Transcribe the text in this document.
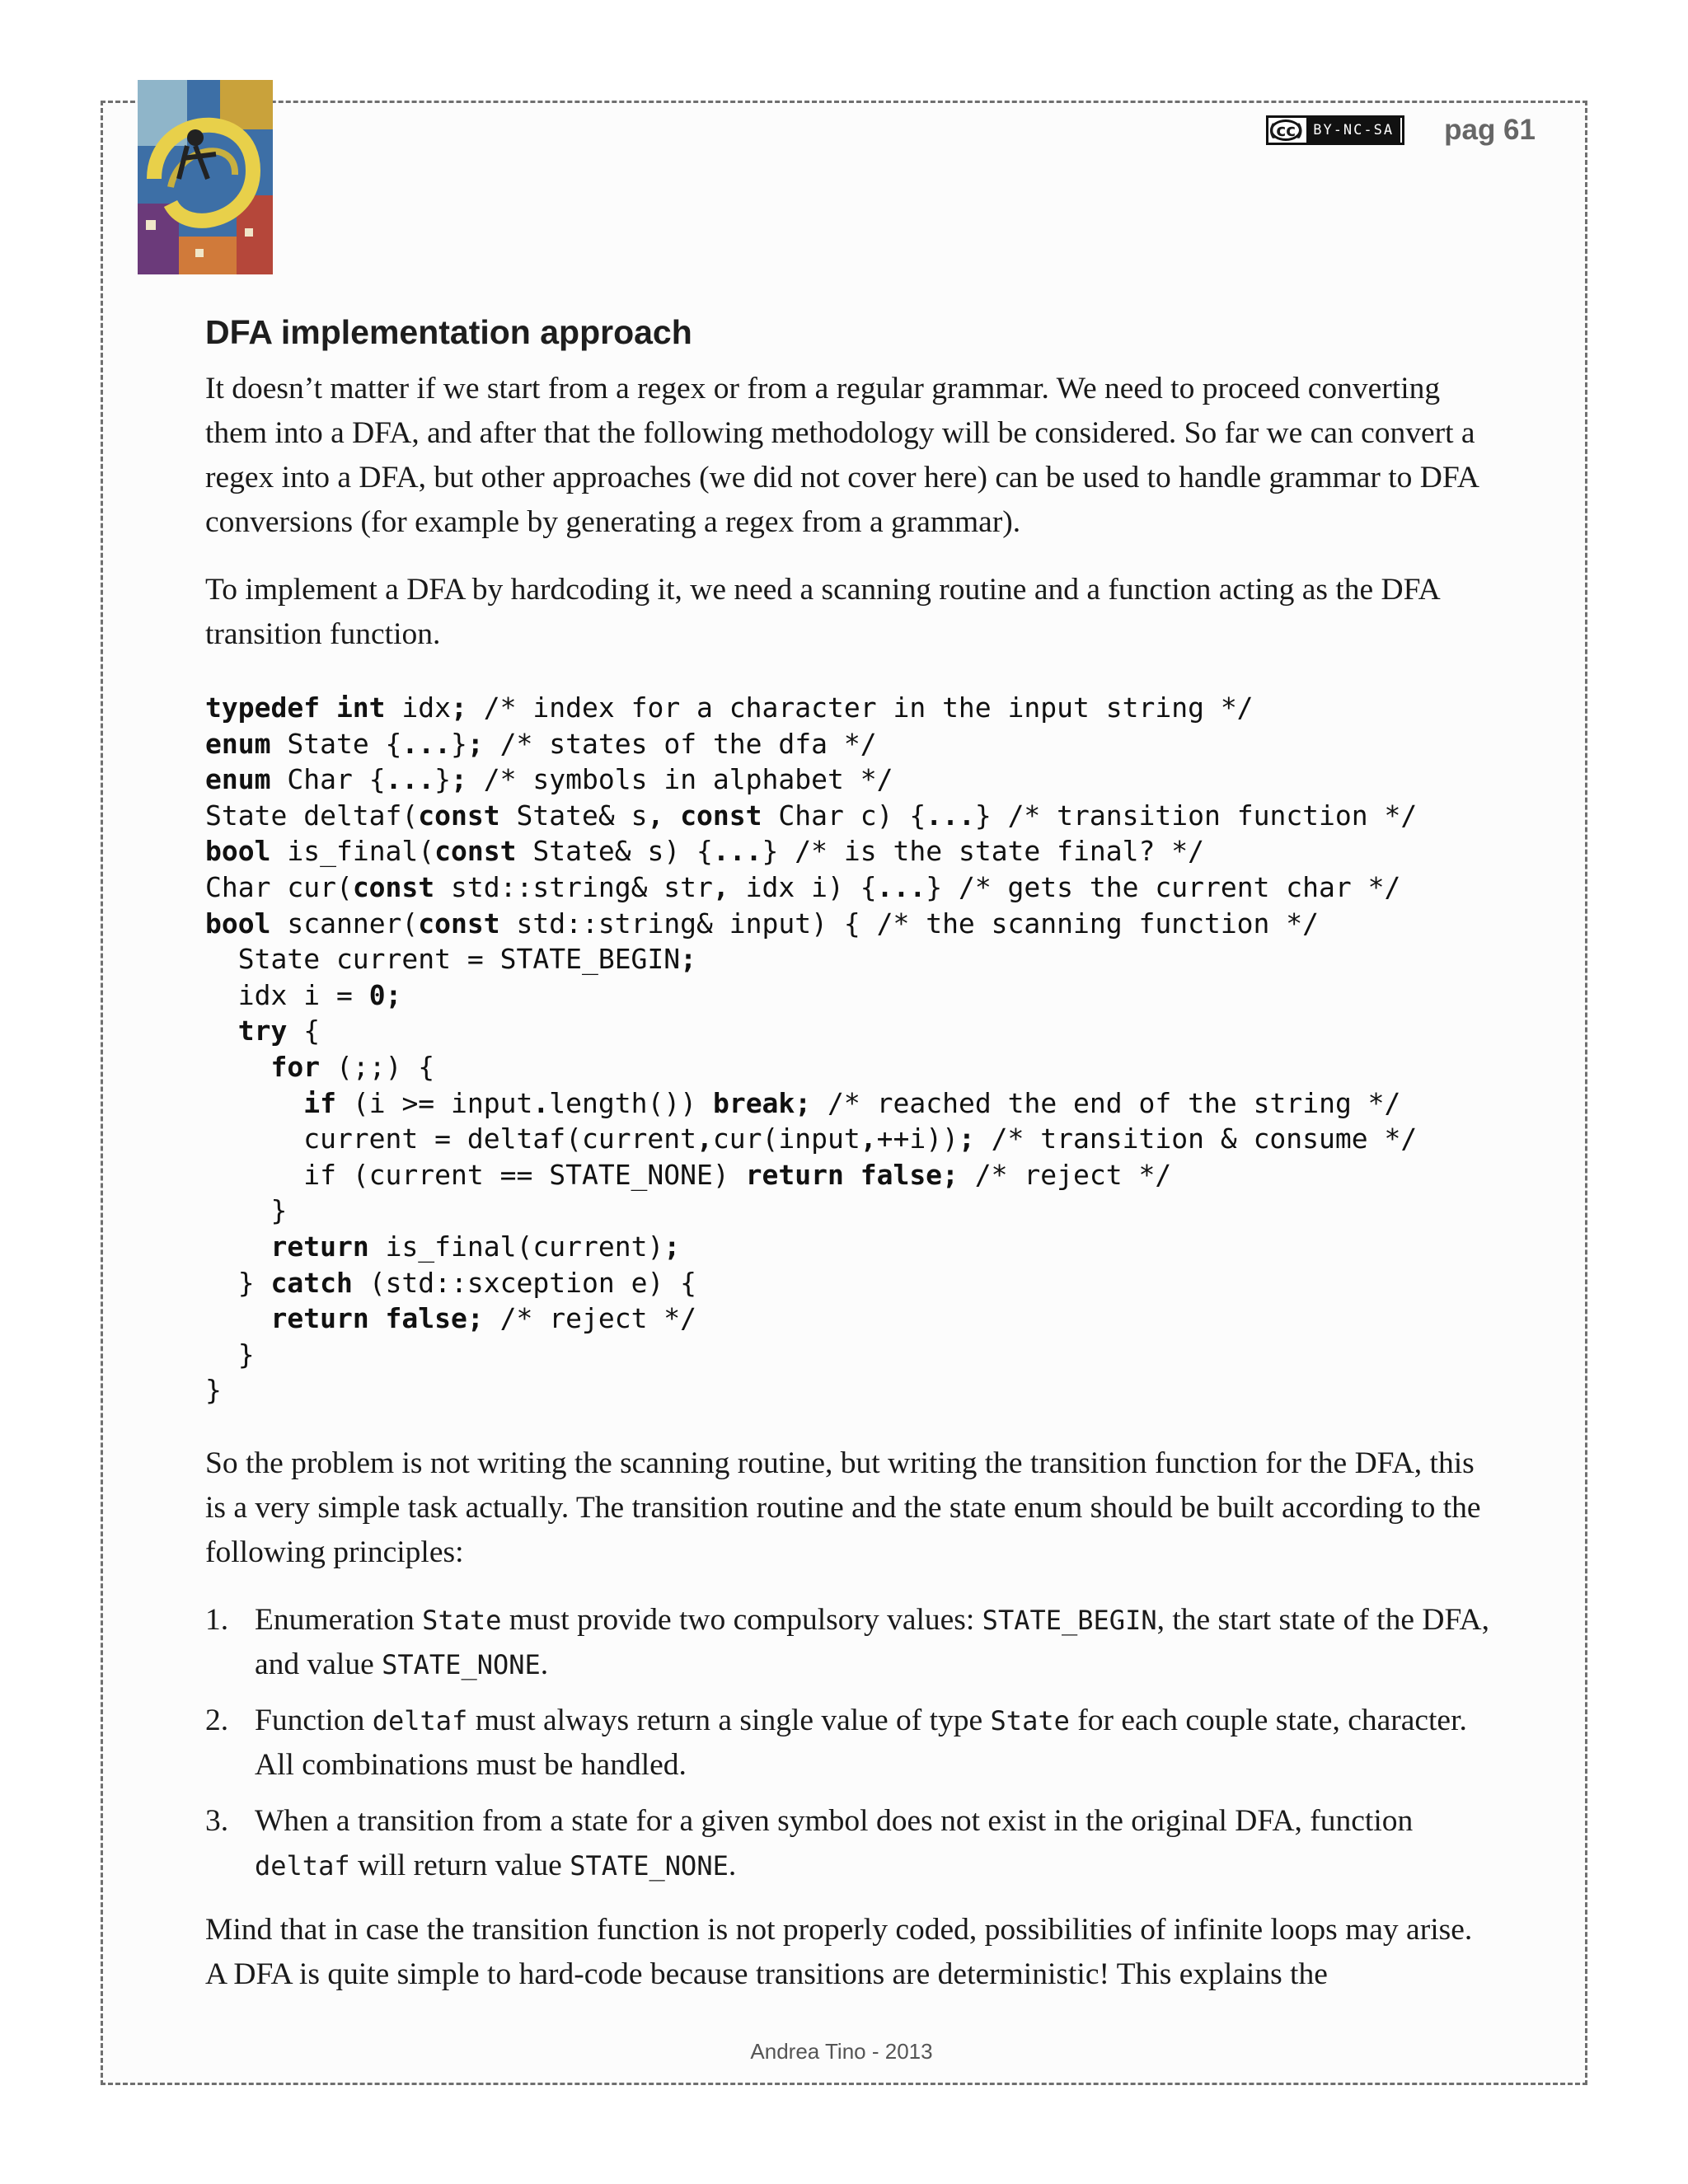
(cc) BY-NC-SA pag 61
DFA implementation approach

It doesn’t matter if we start from a regex or from a regular grammar. We need to proceed converting them into a DFA, and after that the following methodology will be considered. So far we can convert a regex into a DFA, but other approaches (we did not cover here) can be used to handle grammar to DFA conversions (for example by generating a regex from a grammar).

To implement a DFA by hardcoding it, we need a scanning routine and a function acting as the DFA transition function.

typedef int idx; /* index for a character in the input string */
enum State {...}; /* states of the dfa */
enum Char {...}; /* symbols in alphabet */
State deltaf(const State& s, const Char c) {...} /* transition function */
bool is_final(const State& s) {...} /* is the state final? */
Char cur(const std::string& str, idx i) {...} /* gets the current char */
bool scanner(const std::string& input) { /* the scanning function */
State current = STATE_BEGIN;
idx i = 0;
try {
for (;;) {
if (i >= input.length()) break; /* reached the end of the string */
current = deltaf(current,cur(input,++i)); /* transition & consume */
if (current == STATE_NONE) return false; /* reject */
}
return is_final(current);
} catch (std::sxception e) {
return false; /* reject */
}
}

So the problem is not writing the scanning routine, but writing the transition function for the DFA, this is a very simple task actually. The transition routine and the state enum should be built according to the following principles:

1. Enumeration State must provide two compulsory values: STATE_BEGIN, the start state of the DFA, and value STATE_NONE.
2. Function deltaf must always return a single value of type State for each couple state, character. All combinations must be handled.
3. When a transition from a state for a given symbol does not exist in the original DFA, function deltaf will return value STATE_NONE.

Mind that in case the transition function is not properly coded, possibilities of infinite loops may arise. A DFA is quite simple to hard-code because transitions are deterministic! This explains the

Andrea Tino - 2013
